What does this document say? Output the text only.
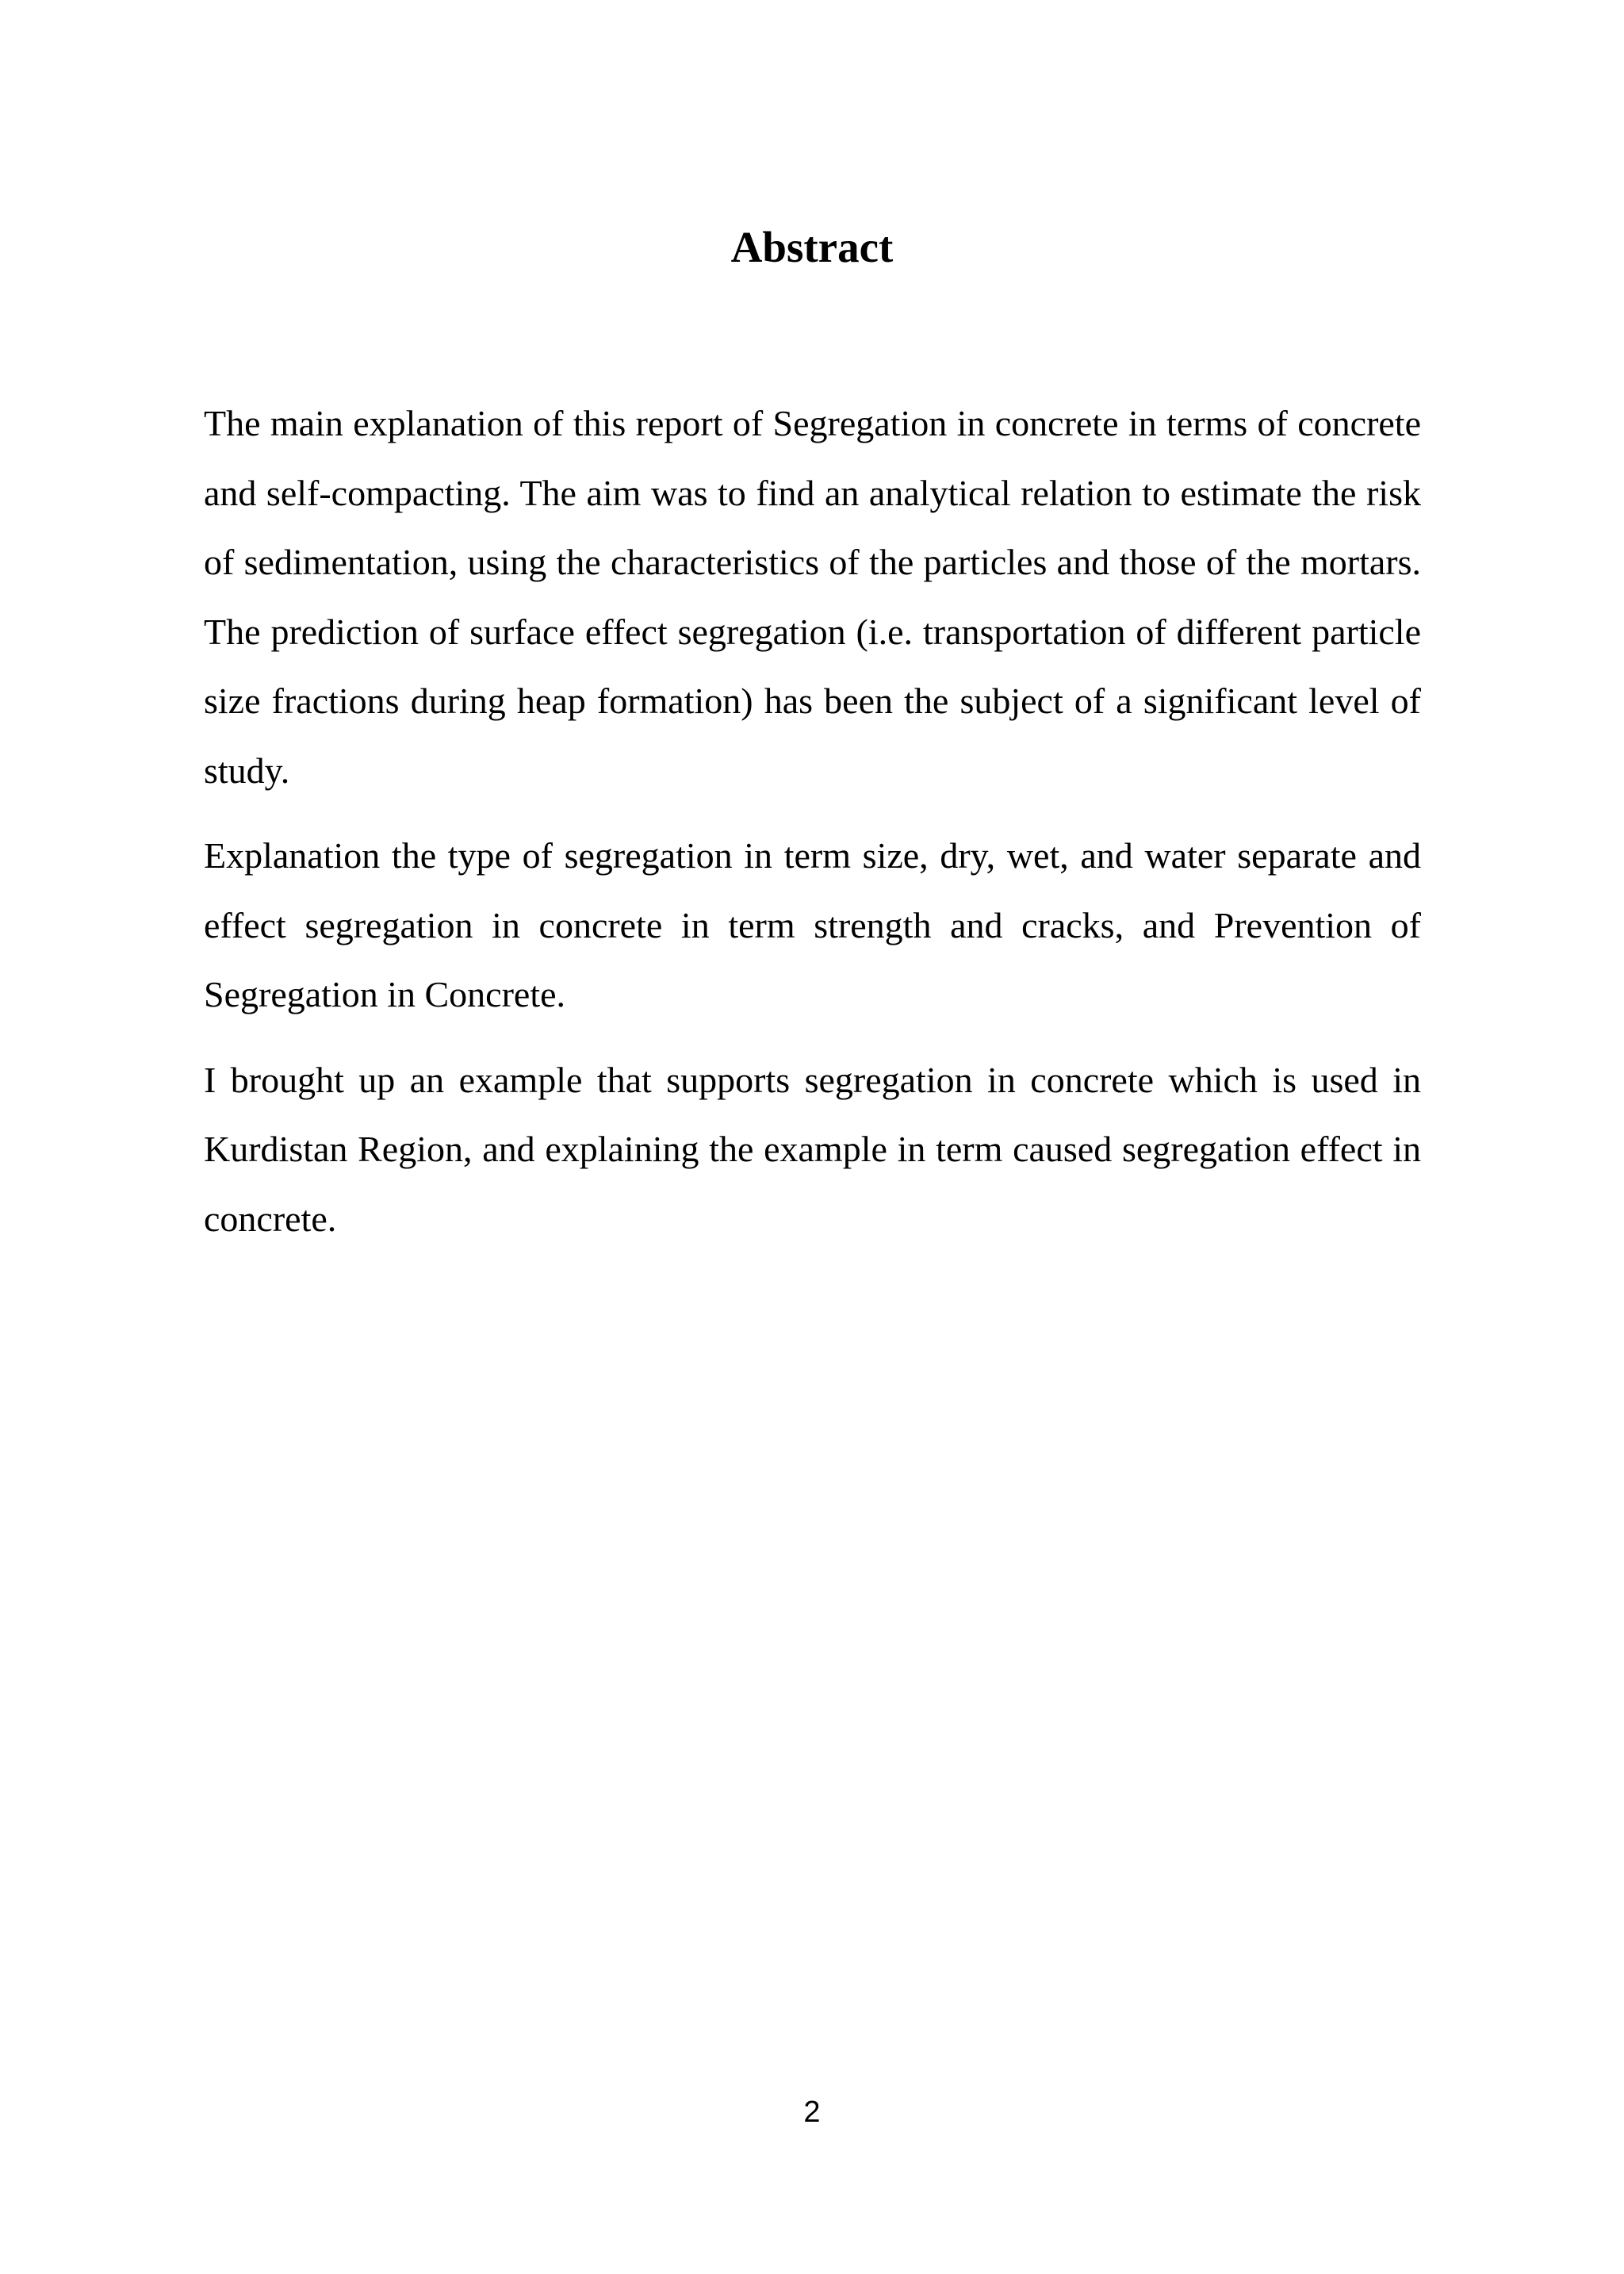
Abstract

The main explanation of this report of Segregation in concrete in terms of concrete and self-compacting. The aim was to find an analytical relation to estimate the risk of sedimentation, using the characteristics of the particles and those of the mortars. The prediction of surface effect segregation (i.e. transportation of different particle size fractions during heap formation) has been the subject of a significant level of study.

Explanation the type of segregation in term size, dry, wet, and water separate and effect segregation in concrete in term strength and cracks, and Prevention of Segregation in Concrete.

I brought up an example that supports segregation in concrete which is used in Kurdistan Region, and explaining the example in term caused segregation effect in concrete.

2
